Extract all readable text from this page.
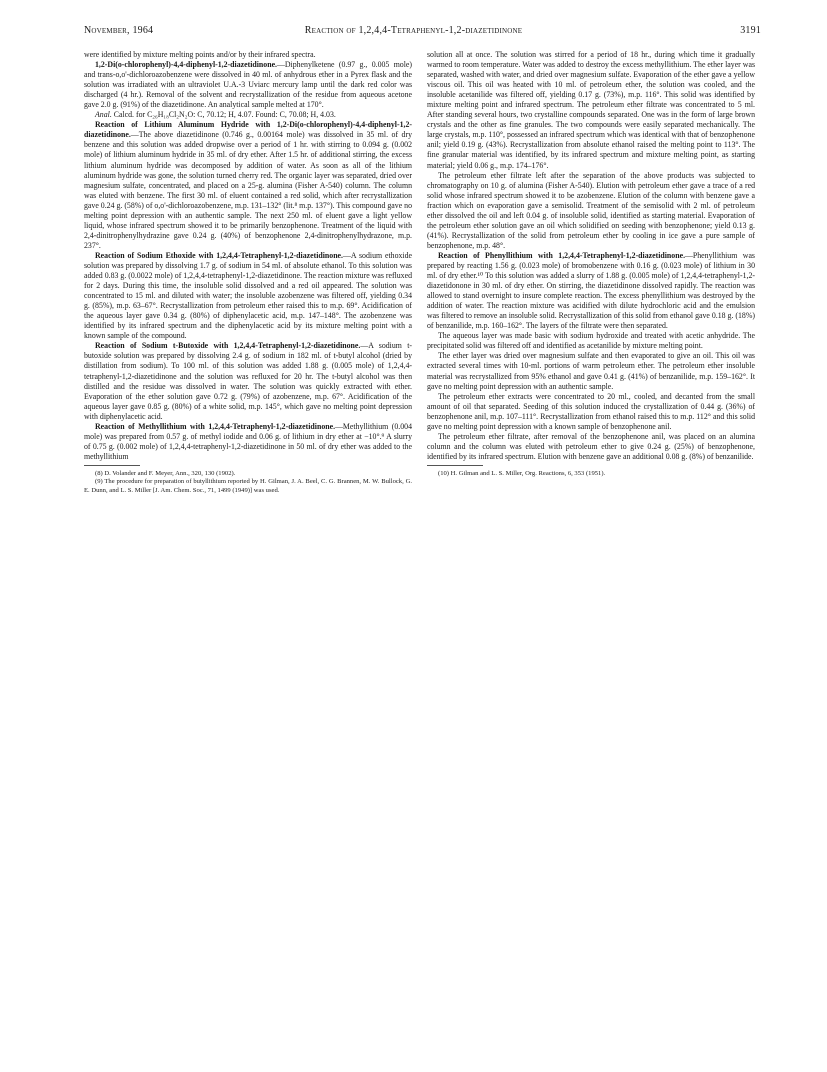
November, 1964	Reaction of 1,2,4,4-Tetraphenyl-1,2-diazetidinone	3191

were identified by mixture melting points and/or by their infrared spectra.

1,2-Di(o-chlorophenyl)-4,4-diphenyl-1,2-diazetidinone.—Diphenylketene (0.97 g., 0.005 mole) and trans-o,o'-dichloroazobenzene were dissolved in 40 ml. of anhydrous ether in a Pyrex flask and the solution was irradiated with an ultraviolet U.A.-3 Uviarc mercury lamp until the dark red color was discharged (4 hr.). Removal of the solvent and recrystallization of the residue from aqueous acetone gave 2.0 g. (91%) of the diazetidinone. An analytical sample melted at 170°.

Anal. Calcd. for C₂₆H₁₈Cl₂N₂O: C, 70.12; H, 4.07. Found: C, 70.08; H, 4.03.

Reaction of Lithium Aluminum Hydride with 1,2-Di(o-chlorophenyl)-4,4-diphenyl-1,2-diazetidinone.—The above diazetidinone (0.746 g., 0.00164 mole) was dissolved in 35 ml. of dry benzene and this solution was added dropwise over a period of 1 hr. with stirring to 0.094 g. (0.002 mole) of lithium aluminum hydride in 35 ml. of dry ether. After 1.5 hr. of additional stirring, the excess lithium aluminum hydride was decomposed by addition of water. As soon as all of the lithium aluminum hydride was gone, the solution turned cherry red. The organic layer was separated, dried over magnesium sulfate, concentrated, and placed on a 25-g. alumina (Fisher A-540) column. The column was eluted with benzene. The first 30 ml. of eluent contained a red solid, which after recrystallization gave 0.24 g. (58%) of o,o'-dichloroazobenzene, m.p. 131–132° (lit.⁸ m.p. 137°). This compound gave no melting point depression with an authentic sample. The next 250 ml. of eluent gave a light yellow liquid, whose infrared spectrum showed it to be primarily benzophenone. Treatment of the liquid with 2,4-dinitrophenylhydrazine gave 0.24 g. (40%) of benzophenone 2,4-dinitrophenylhydrazone, m.p. 237°.

Reaction of Sodium Ethoxide with 1,2,4,4-Tetraphenyl-1,2-diazetidinone.—A sodium ethoxide solution was prepared by dissolving 1.7 g. of sodium in 54 ml. of absolute ethanol. To this solution was added 0.83 g. (0.0022 mole) of 1,2,4,4-tetraphenyl-1,2-diazetidinone. The reaction mixture was refluxed for 2 days. During this time, the insoluble solid dissolved and a red oil appeared. The solution was concentrated to 15 ml. and diluted with water; the insoluble azobenzene was filtered off, yielding 0.34 g. (85%), m.p. 63–67°. Recrystallization from petroleum ether raised this to m.p. 69°. Acidification of the aqueous layer gave 0.34 g. (80%) of diphenylacetic acid, m.p. 147–148°. The azobenzene was identified by its infrared spectrum and the diphenylacetic acid by its mixture melting point with a known sample of the compound.

Reaction of Sodium t-Butoxide with 1,2,4,4-Tetraphenyl-1,2-diazetidinone.—A sodium t-butoxide solution was prepared by dissolving 2.4 g. of sodium in 182 ml. of t-butyl alcohol (dried by distillation from sodium). To 100 ml. of this solution was added 1.88 g. (0.005 mole) of 1,2,4,4-tetraphenyl-1,2-diazetidinone and the solution was refluxed for 20 hr. The t-butyl alcohol was then distilled and the residue was dissolved in water. The solution was quickly extracted with ether. Evaporation of the ether solution gave 0.72 g. (79%) of azobenzene, m.p. 67°. Acidification of the aqueous layer gave 0.85 g. (80%) of a white solid, m.p. 145°, which gave no melting point depression with diphenylacetic acid.

Reaction of Methyllithium with 1,2,4,4-Tetraphenyl-1,2-diazetidinone.—Methyllithium (0.004 mole) was prepared from 0.57 g. of methyl iodide and 0.06 g. of lithium in dry ether at −10°.⁹ A slurry of 0.75 g. (0.002 mole) of 1,2,4,4-tetraphenyl-1,2-diazetidinone in 50 ml. of dry ether was added to the methyllithium

(8) D. Volander and F. Meyer, Ann., 320, 130 (1902).

(9) The procedure for preparation of butyllithium reported by H. Gilman, J. A. Beel, C. G. Brannen, M. W. Bullock, G. E. Dunn, and L. S. Miller [J. Am. Chem. Soc., 71, 1499 (1949)] was used.

solution all at once. The solution was stirred for a period of 18 hr., during which time it gradually warmed to room temperature. Water was added to destroy the excess methyllithium. The ether layer was separated, washed with water, and dried over magnesium sulfate. Evaporation of the ether gave a yellow viscous oil. This oil was heated with 10 ml. of petroleum ether, the solution was cooled, and the insoluble acetanilide was filtered off, yielding 0.17 g. (73%), m.p. 116°. This solid was identified by mixture melting point and infrared spectrum. The petroleum ether filtrate was concentrated to 5 ml. After standing several hours, two crystalline compounds separated. One was in the form of large brown crystals and the other as fine granules. The two compounds were easily separated mechanically. The large crystals, m.p. 110°, possessed an infrared spectrum which was identical with that of benzophenone anil; yield 0.19 g. (43%). Recrystallization from absolute ethanol raised the melting point to 113°. The fine granular material was identified, by its infrared spectrum and mixture melting point, as starting material; yield 0.06 g., m.p. 174–176°.

The petroleum ether filtrate left after the separation of the above products was subjected to chromatography on 10 g. of alumina (Fisher A-540). Elution with petroleum ether gave a trace of a red solid whose infrared spectrum showed it to be azobenzene. Elution of the column with benzene gave a fraction which on evaporation gave a semisolid. Treatment of the semisolid with 2 ml. of petroleum ether dissolved the oil and left 0.04 g. of insoluble solid, identified as starting material. Evaporation of the petroleum ether solution gave an oil which solidified on seeding with benzophenone; yield 0.13 g. (41%). Recrystallization of the solid from petroleum ether by cooling in ice gave a pure sample of benzophenone, m.p. 48°.

Reaction of Phenyllithium with 1,2,4,4-Tetraphenyl-1,2-diazetidinone.—Phenyllithium was prepared by reacting 1.56 g. (0.023 mole) of bromobenzene with 0.16 g. (0.023 mole) of lithium in 30 ml. of dry ether.¹⁰ To this solution was added a slurry of 1.88 g. (0.005 mole) of 1,2,4,4-tetraphenyl-1,2-diazetidonone in 30 ml. of dry ether. On stirring, the diazetidinone dissolved rapidly. The reaction was allowed to stand overnight to insure complete reaction. The excess phenyllithium was destroyed by the addition of water. The reaction mixture was acidified with dilute hydrochloric acid and the emulsion was filtered to remove an insoluble solid. Recrystallization of this solid from ethanol gave 0.18 g. (18%) of benzanilide, m.p. 160–162°. The layers of the filtrate were then separated.

The aqueous layer was made basic with sodium hydroxide and treated with acetic anhydride. The precipitated solid was filtered off and identified as acetanilide by mixture melting point.

The ether layer was dried over magnesium sulfate and then evaporated to give an oil. This oil was extracted several times with 10-ml. portions of warm petroleum ether. The petroleum ether insoluble material was recrystallized from 95% ethanol and gave 0.41 g. (41%) of benzanilide, m.p. 159–162°. It gave no melting point depression with an authentic sample.

The petroleum ether extracts were concentrated to 20 ml., cooled, and decanted from the small amount of oil that separated. Seeding of this solution induced the crystallization of 0.44 g. (36%) of benzophenone anil, m.p. 107–111°. Recrystallization from ethanol raised this to m.p. 112° and this solid gave no melting point depression with a known sample of benzophenone anil.

The petroleum ether filtrate, after removal of the benzophenone anil, was placed on an alumina column and the column was eluted with petroleum ether to give 0.24 g. (25%) of benzophenone, identified by its infrared spectrum. Elution with benzene gave an additional 0.08 g. (8%) of benzanilide.

(10) H. Gilman and L. S. Miller, Org. Reactions, 6, 353 (1951).
